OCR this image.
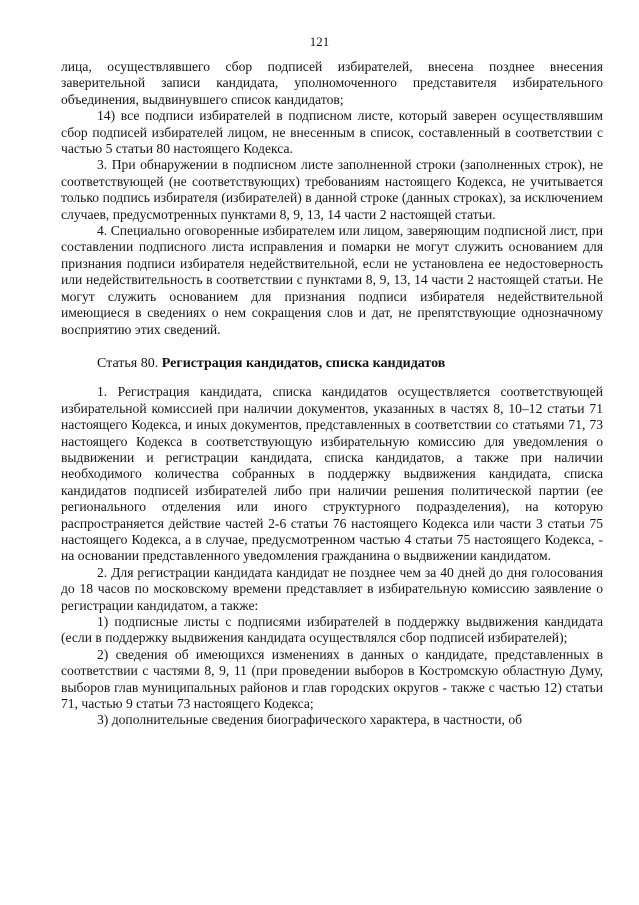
121

лица, осуществлявшего сбор подписей избирателей, внесена позднее внесения заверительной записи кандидата, уполномоченного представителя избирательного объединения, выдвинувшего список кандидатов;

14) все подписи избирателей в подписном листе, который заверен осуществлявшим сбор подписей избирателей лицом, не внесенным в список, составленный в соответствии с частью 5 статьи 80 настоящего Кодекса.

3. При обнаружении в подписном листе заполненной строки (заполненных строк), не соответствующей (не соответствующих) требованиям настоящего Кодекса, не учитывается только подпись избирателя (избирателей) в данной строке (данных строках), за исключением случаев, предусмотренных пунктами 8, 9, 13, 14 части 2 настоящей статьи.

4. Специально оговоренные избирателем или лицом, заверяющим подписной лист, при составлении подписного листа исправления и помарки не могут служить основанием для признания подписи избирателя недействительной, если не установлена ее недостоверность или недействительность в соответствии с пунктами 8, 9, 13, 14 части 2 настоящей статьи. Не могут служить основанием для признания подписи избирателя недействительной имеющиеся в сведениях о нем сокращения слов и дат, не препятствующие однозначному восприятию этих сведений.

Статья 80. Регистрация кандидатов, списка кандидатов

1. Регистрация кандидата, списка кандидатов осуществляется соответствующей избирательной комиссией при наличии документов, указанных в частях 8, 10–12 статьи 71 настоящего Кодекса, и иных документов, представленных в соответствии со статьями 71, 73 настоящего Кодекса в соответствующую избирательную комиссию для уведомления о выдвижении и регистрации кандидата, списка кандидатов, а также при наличии необходимого количества собранных в поддержку выдвижения кандидата, списка кандидатов подписей избирателей либо при наличии решения политической партии (ее регионального отделения или иного структурного подразделения), на которую распространяется действие частей 2-6 статьи 76 настоящего Кодекса или части 3 статьи 75 настоящего Кодекса, а в случае, предусмотренном частью 4 статьи 75 настоящего Кодекса, - на основании представленного уведомления гражданина о выдвижении кандидатом.

2. Для регистрации кандидата кандидат не позднее чем за 40 дней до дня голосования до 18 часов по московскому времени представляет в избирательную комиссию заявление о регистрации кандидатом, а также:

1) подписные листы с подписями избирателей в поддержку выдвижения кандидата (если в поддержку выдвижения кандидата осуществлялся сбор подписей избирателей);

2) сведения об имеющихся изменениях в данных о кандидате, представленных в соответствии с частями 8, 9, 11 (при проведении выборов в Костромскую областную Думу, выборов глав муниципальных районов и глав городских округов - также с частью 12) статьи 71, частью 9 статьи 73 настоящего Кодекса;

3) дополнительные сведения биографического характера, в частности, об
